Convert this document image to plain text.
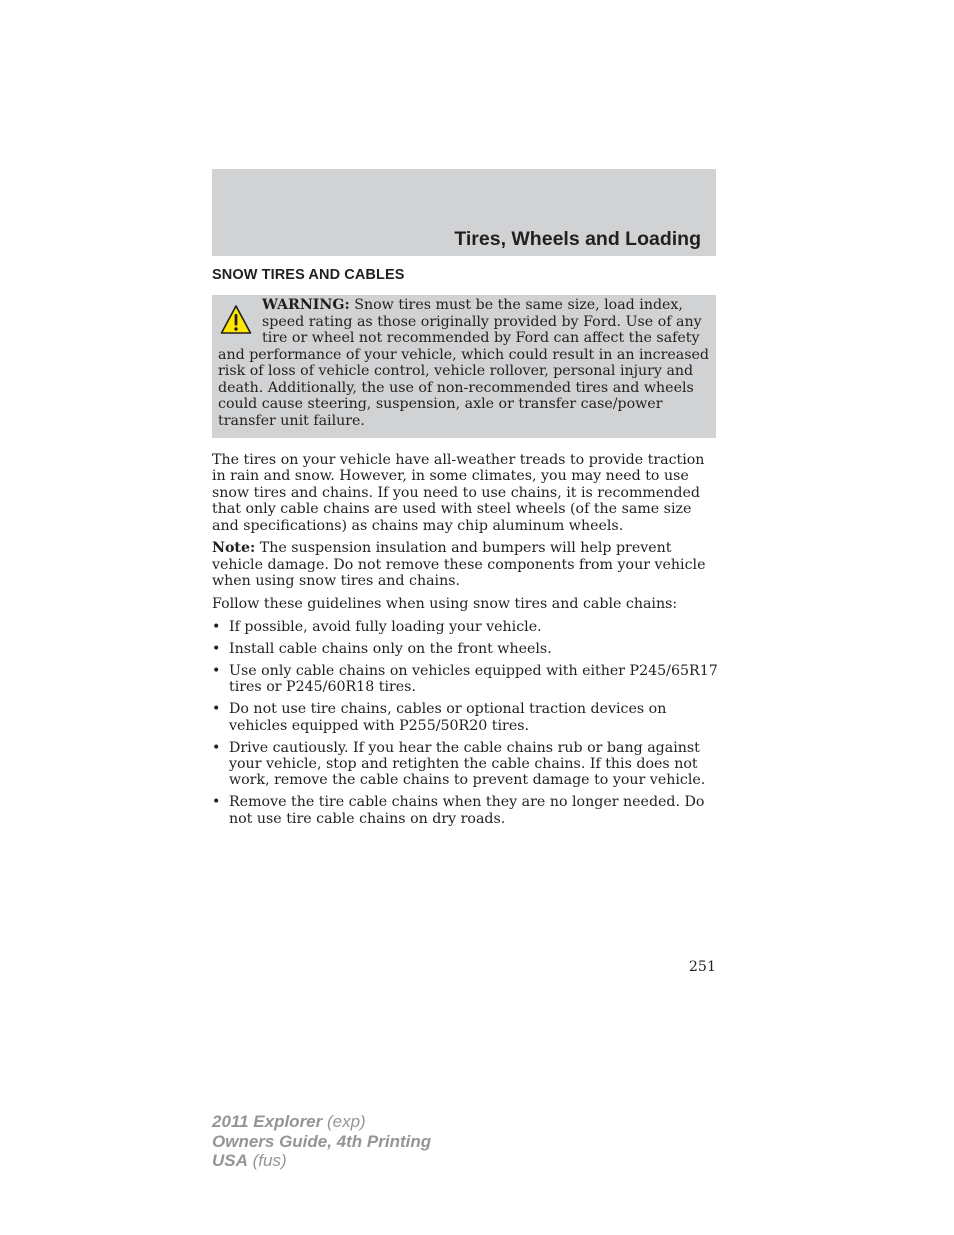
Tires, Wheels and Loading
SNOW TIRES AND CABLES
WARNING: Snow tires must be the same size, load index, speed rating as those originally provided by Ford. Use of any tire or wheel not recommended by Ford can affect the safety and performance of your vehicle, which could result in an increased risk of loss of vehicle control, vehicle rollover, personal injury and death. Additionally, the use of non-recommended tires and wheels could cause steering, suspension, axle or transfer case/power transfer unit failure.

The tires on your vehicle have all-weather treads to provide traction in rain and snow. However, in some climates, you may need to use snow tires and chains. If you need to use chains, it is recommended that only cable chains are used with steel wheels (of the same size and specifications) as chains may chip aluminum wheels.

Note: The suspension insulation and bumpers will help prevent vehicle damage. Do not remove these components from your vehicle when using snow tires and chains.

Follow these guidelines when using snow tires and cable chains:

• If possible, avoid fully loading your vehicle.
• Install cable chains only on the front wheels.
• Use only cable chains on vehicles equipped with either P245/65R17 tires or P245/60R18 tires.
• Do not use tire chains, cables or optional traction devices on vehicles equipped with P255/50R20 tires.
• Drive cautiously. If you hear the cable chains rub or bang against your vehicle, stop and retighten the cable chains. If this does not work, remove the cable chains to prevent damage to your vehicle.
• Remove the tire cable chains when they are no longer needed. Do not use tire cable chains on dry roads.
251
2011 Explorer (exp)
Owners Guide, 4th Printing
USA (fus)
